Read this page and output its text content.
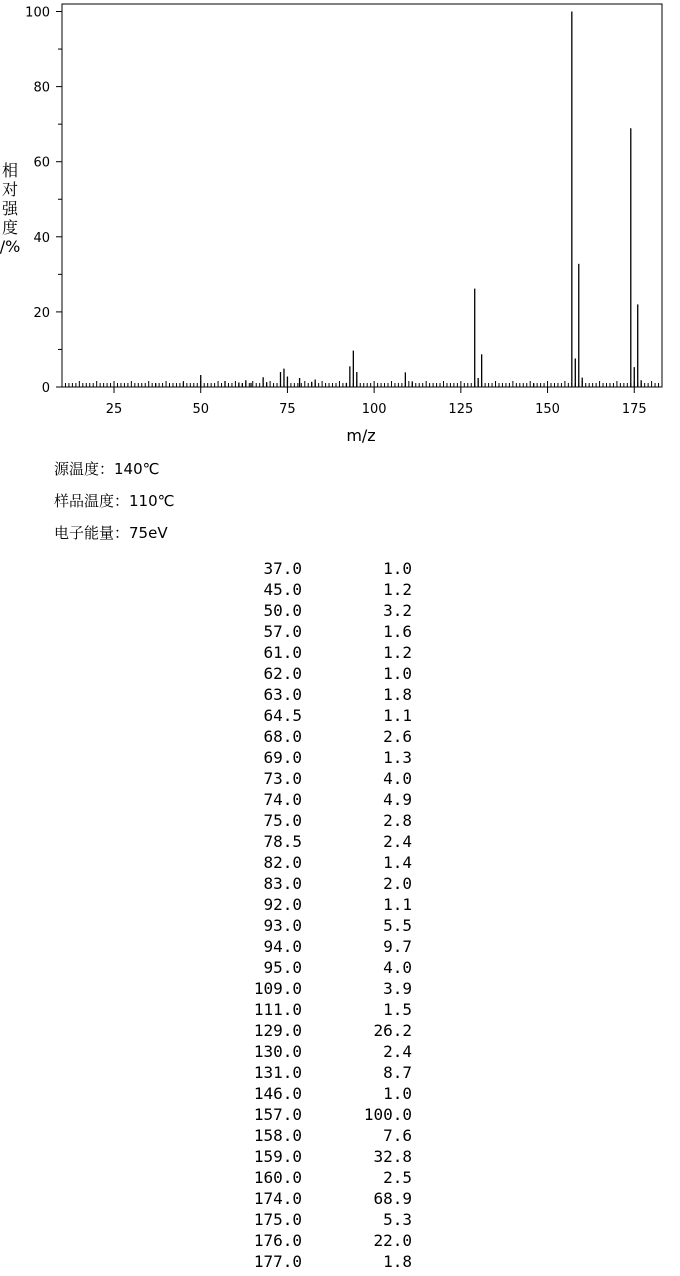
25	50	75	100	125	150	175
0
20
40
60
80
100
m/z
相
对
强
度
/%
源温度：140℃
样品温度：110℃
电子能量：75eV
37.0	1.0
45.0	1.2
50.0	3.2
57.0	1.6
61.0	1.2
62.0	1.0
63.0	1.8
64.5	1.1
68.0	2.6
69.0	1.3
73.0	4.0
74.0	4.9
75.0	2.8
78.5	2.4
82.0	1.4
83.0	2.0
92.0	1.1
93.0	5.5
94.0	9.7
95.0	4.0
109.0	3.9
111.0	1.5
129.0	26.2
130.0	2.4
131.0	8.7
146.0	1.0
157.0	100.0
158.0	7.6
159.0	32.8
160.0	2.5
174.0	68.9
175.0	5.3
176.0	22.0
177.0	1.8
